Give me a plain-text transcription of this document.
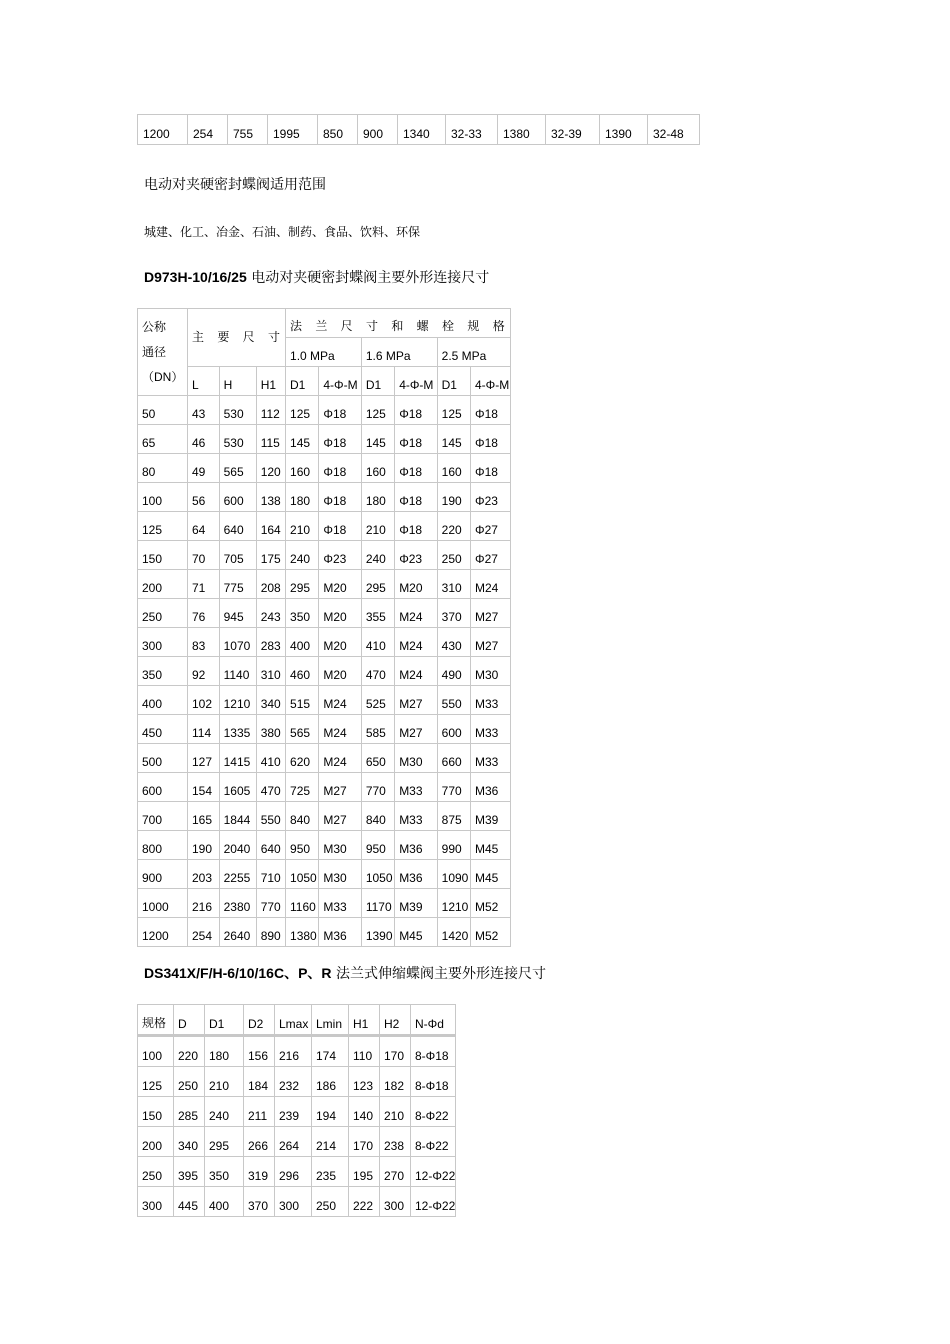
1200	254	755	1995	850	900	1340	32-33	1380	32-39	1390	32-48
电动对夹硬密封蝶阀适用范围
城建、化工、冶金、石油、制药、食品、饮料、环保
D973H-10/16/25 电动对夹硬密封蝶阀主要外形连接尺寸
公称
通径
（DN）	主 要 尺 寸			法 兰 尺 寸 和 螺 栓 规 格					
				1.0 MPa		1.6 MPa		2.5 MPa	
	L	H	H1	D1	4-Φ-M	D1	4-Φ-M	D1	4-Φ-M
50	43	530	112	125	Φ18	125	Φ18	125	Φ18
65	46	530	115	145	Φ18	145	Φ18	145	Φ18
80	49	565	120	160	Φ18	160	Φ18	160	Φ18
100	56	600	138	180	Φ18	180	Φ18	190	Φ23
125	64	640	164	210	Φ18	210	Φ18	220	Φ27
150	70	705	175	240	Φ23	240	Φ23	250	Φ27
200	71	775	208	295	M20	295	M20	310	M24
250	76	945	243	350	M20	355	M24	370	M27
300	83	1070	283	400	M20	410	M24	430	M27
350	92	1140	310	460	M20	470	M24	490	M30
400	102	1210	340	515	M24	525	M27	550	M33
450	114	1335	380	565	M24	585	M27	600	M33
500	127	1415	410	620	M24	650	M30	660	M33
600	154	1605	470	725	M27	770	M33	770	M36
700	165	1844	550	840	M27	840	M33	875	M39
800	190	2040	640	950	M30	950	M36	990	M45
900	203	2255	710	1050	M30	1050	M36	1090	M45
1000	216	2380	770	1160	M33	1170	M39	1210	M52
1200	254	2640	890	1380	M36	1390	M45	1420	M52
DS341X/F/H-6/10/16C、P、R 法兰式伸缩蝶阀主要外形连接尺寸
规格	D	D1	D2	Lmax	Lmin	H1	H2	N-Φd
100	220	180	156	216	174	110	170	8-Φ18
125	250	210	184	232	186	123	182	8-Φ18
150	285	240	211	239	194	140	210	8-Φ22
200	340	295	266	264	214	170	238	8-Φ22
250	395	350	319	296	235	195	270	12-Φ22
300	445	400	370	300	250	222	300	12-Φ22
